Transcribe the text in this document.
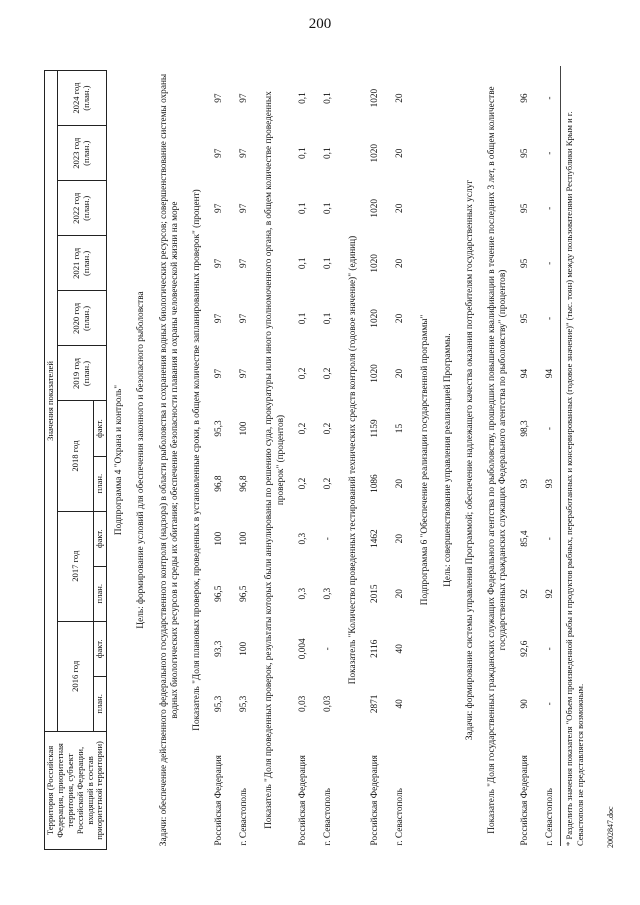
200
Территория (Российская Федерация, приоритетная территория, субъект Российской Федерации, входящий в состав приоритетной территории)	Значения показателей											
	2016 год		2017 год		2018 год		2019 год (план.)	2020 год (план.)	2021 год (план.)	2022 год (план.)	2023 год (план.)	2024 год (план.)
	план.	факт.	план.	факт.	план.	факт.						
Подпрограмма 4 "Охрана и контроль"												
Цель: формирование условий для обеспечения законного и безопасного рыболовства												
Задачи: обеспечение действенного федерального государственного контроля (надзора) в области рыболовства и сохранения водных биологических ресурсов; совершенствование системы охраны водных биологических ресурсов и среды их обитания; обеспечение безопасности плавания и охраны человеческой жизни на море												
Показатель "Доля плановых проверок, проведенных в установленные сроки, в общем количестве запланированных проверок" (процент)												
Российская Федерация	95,3	93,3	96,5	100	96,8	95,3	97	97	97	97	97	97
г. Севастополь	95,3	100	96,5	100	96,8	100	97	97	97	97	97	97
Показатель "Доля проведенных проверок, результаты которых были аннулированы по решению суда, прокуратуры или иного уполномоченного органа, в общем количестве проведенных проверок" (процентов)												
Российская Федерация	0,03	0,004	0,3	0,3	0,2	0,2	0,2	0,1	0,1	0,1	0,1	0,1
г. Севастополь	0,03	-	0,3	-	0,2	0,2	0,2	0,1	0,1	0,1	0,1	0,1
Показатель "Количество проведенных тестирований технических средств контроля (годовое значение)" (единиц)												
Российская Федерация	2871	2116	2015	1462	1086	1159	1020	1020	1020	1020	1020	1020
г. Севастополь	40	40	20	20	20	15	20	20	20	20	20	20
Подпрограмма 6 "Обеспечение реализации государственной программы"												
Цель: совершенствование управления реализацией Программы.												
Задачи: формирование системы управления Программой; обеспечение надлежащего качества оказания потребителям государственных услуг												
Показатель "Доля государственных гражданских служащих Федерального агентства по рыболовству, прошедших повышение квалификации в течение последних 3 лет, в общем количестве государственных гражданских служащих Федерального агентства по рыболовству" (процентов)												
Российская Федерация	90	92,6	92	85,4	93	98,3	94	95	95	95	95	96
г. Севастополь	-	-	92	-	93	-	94	-	-	-	-	-
* Разделить значения показателя "Объем произведенной рыбы и продуктов рыбных, переработанных и консервированных (годовое значение)" (тыс. тонн) между пользователями Республики Крым и г. Севастополя не представляется возможным.	2002847.doc
